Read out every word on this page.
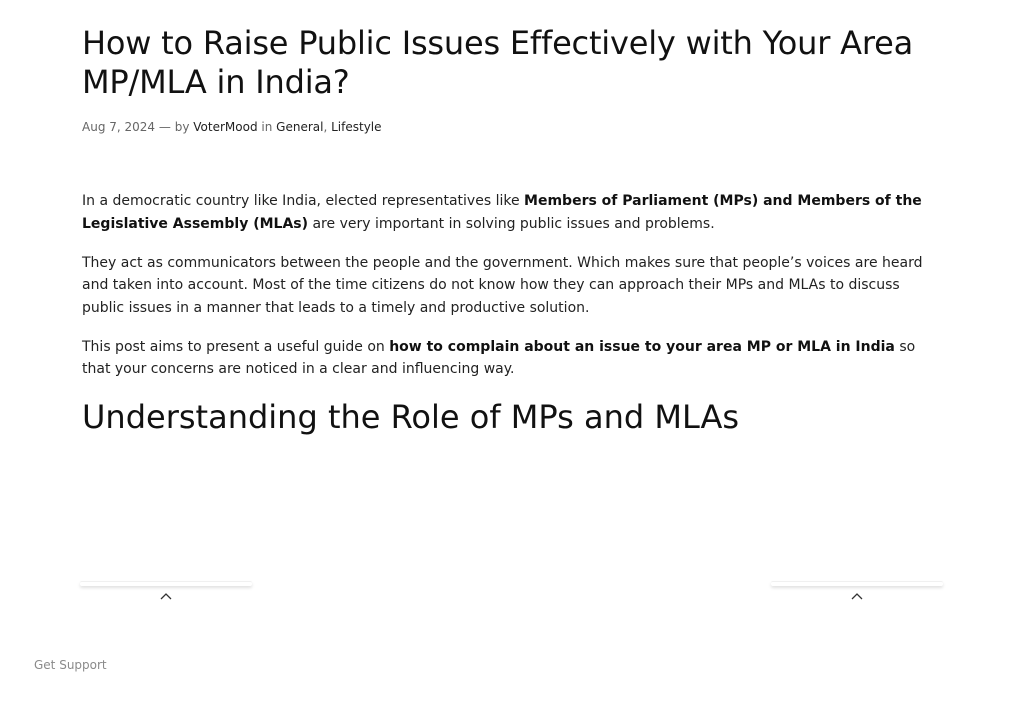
How to Raise Public Issues Effectively with Your Area MP/MLA in India?
Aug 7, 2024 — by VoterMood in General, Lifestyle

In a democratic country like India, elected representatives like Members of Parliament (MPs) and Members of the Legislative Assembly (MLAs) are very important in solving public issues and problems.

They act as communicators between the people and the government. Which makes sure that people’s voices are heard and taken into account. Most of the time citizens do not know how they can approach their MPs and MLAs to discuss public issues in a manner that leads to a timely and productive solution.

This post aims to present a useful guide on how to complain about an issue to your area MP or MLA in India so that your concerns are noticed in a clear and influencing way.

Understanding the Role of MPs and MLAs
Get Support
